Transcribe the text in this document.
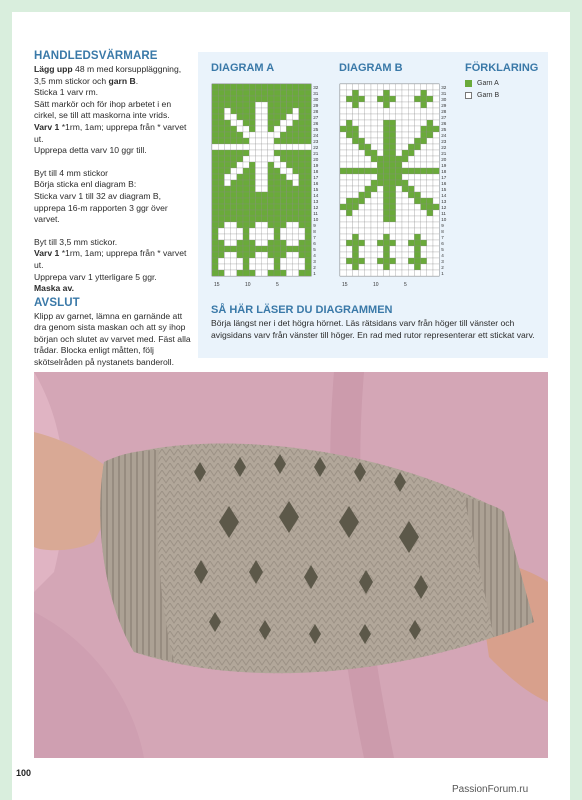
HANDLEDSVÄRMARE

Lägg upp 48 m med korsuppläggning, 3,5 mm stickor och garn B.

Sticka 1 varv rm.

Sätt markör och för ihop arbetet i en cirkel, se till att maskorna inte vrids.

Varv 1 *1rm, 1am; upprepa från * varvet ut.

Upprepa detta varv 10 ggr till.

Byt till 4 mm stickor

Börja sticka enl diagram B:

Sticka varv 1 till 32 av diagram B, upprepa 16-m rapporten 3 ggr över varvet.

Byt till 3,5 mm stickor.

Varv 1 *1rm, 1am; upprepa från * varvet ut.

Upprepa varv 1 ytterligare 5 ggr.

Maska av.

AVSLUT

Klipp av garnet, lämna en garnände att dra genom sista maskan och att sy ihop början och slutet av varvet med. Fäst alla trådar. Blocka enligt måtten, följ skötselråden på nystanets banderoll.

DIAGRAM A	DIAGRAM B	FÖRKLARING
32
31
30
29
28
27
26
25
24
23
22
21
20
19
18
17
16
15
14
13
12
11
10
9
8
7
6
5
4
3
2
1
15	10	5
32
31
30
29
28
27
26
25
24
23
22
21
20
19
18
17
16
15
14
13
12
11
10
9
8
7
6
5
4
3
2
1
15	10	5
Garn A
Garn B
SÅ HÄR LÄSER DU DIAGRAMMEN

Börja längst ner i det högra hörnet. Läs rätsidans varv från höger till vänster och avigsidans varv från vänster till höger. En rad med rutor representerar ett stickat varv.

100
PassionForum.ru
